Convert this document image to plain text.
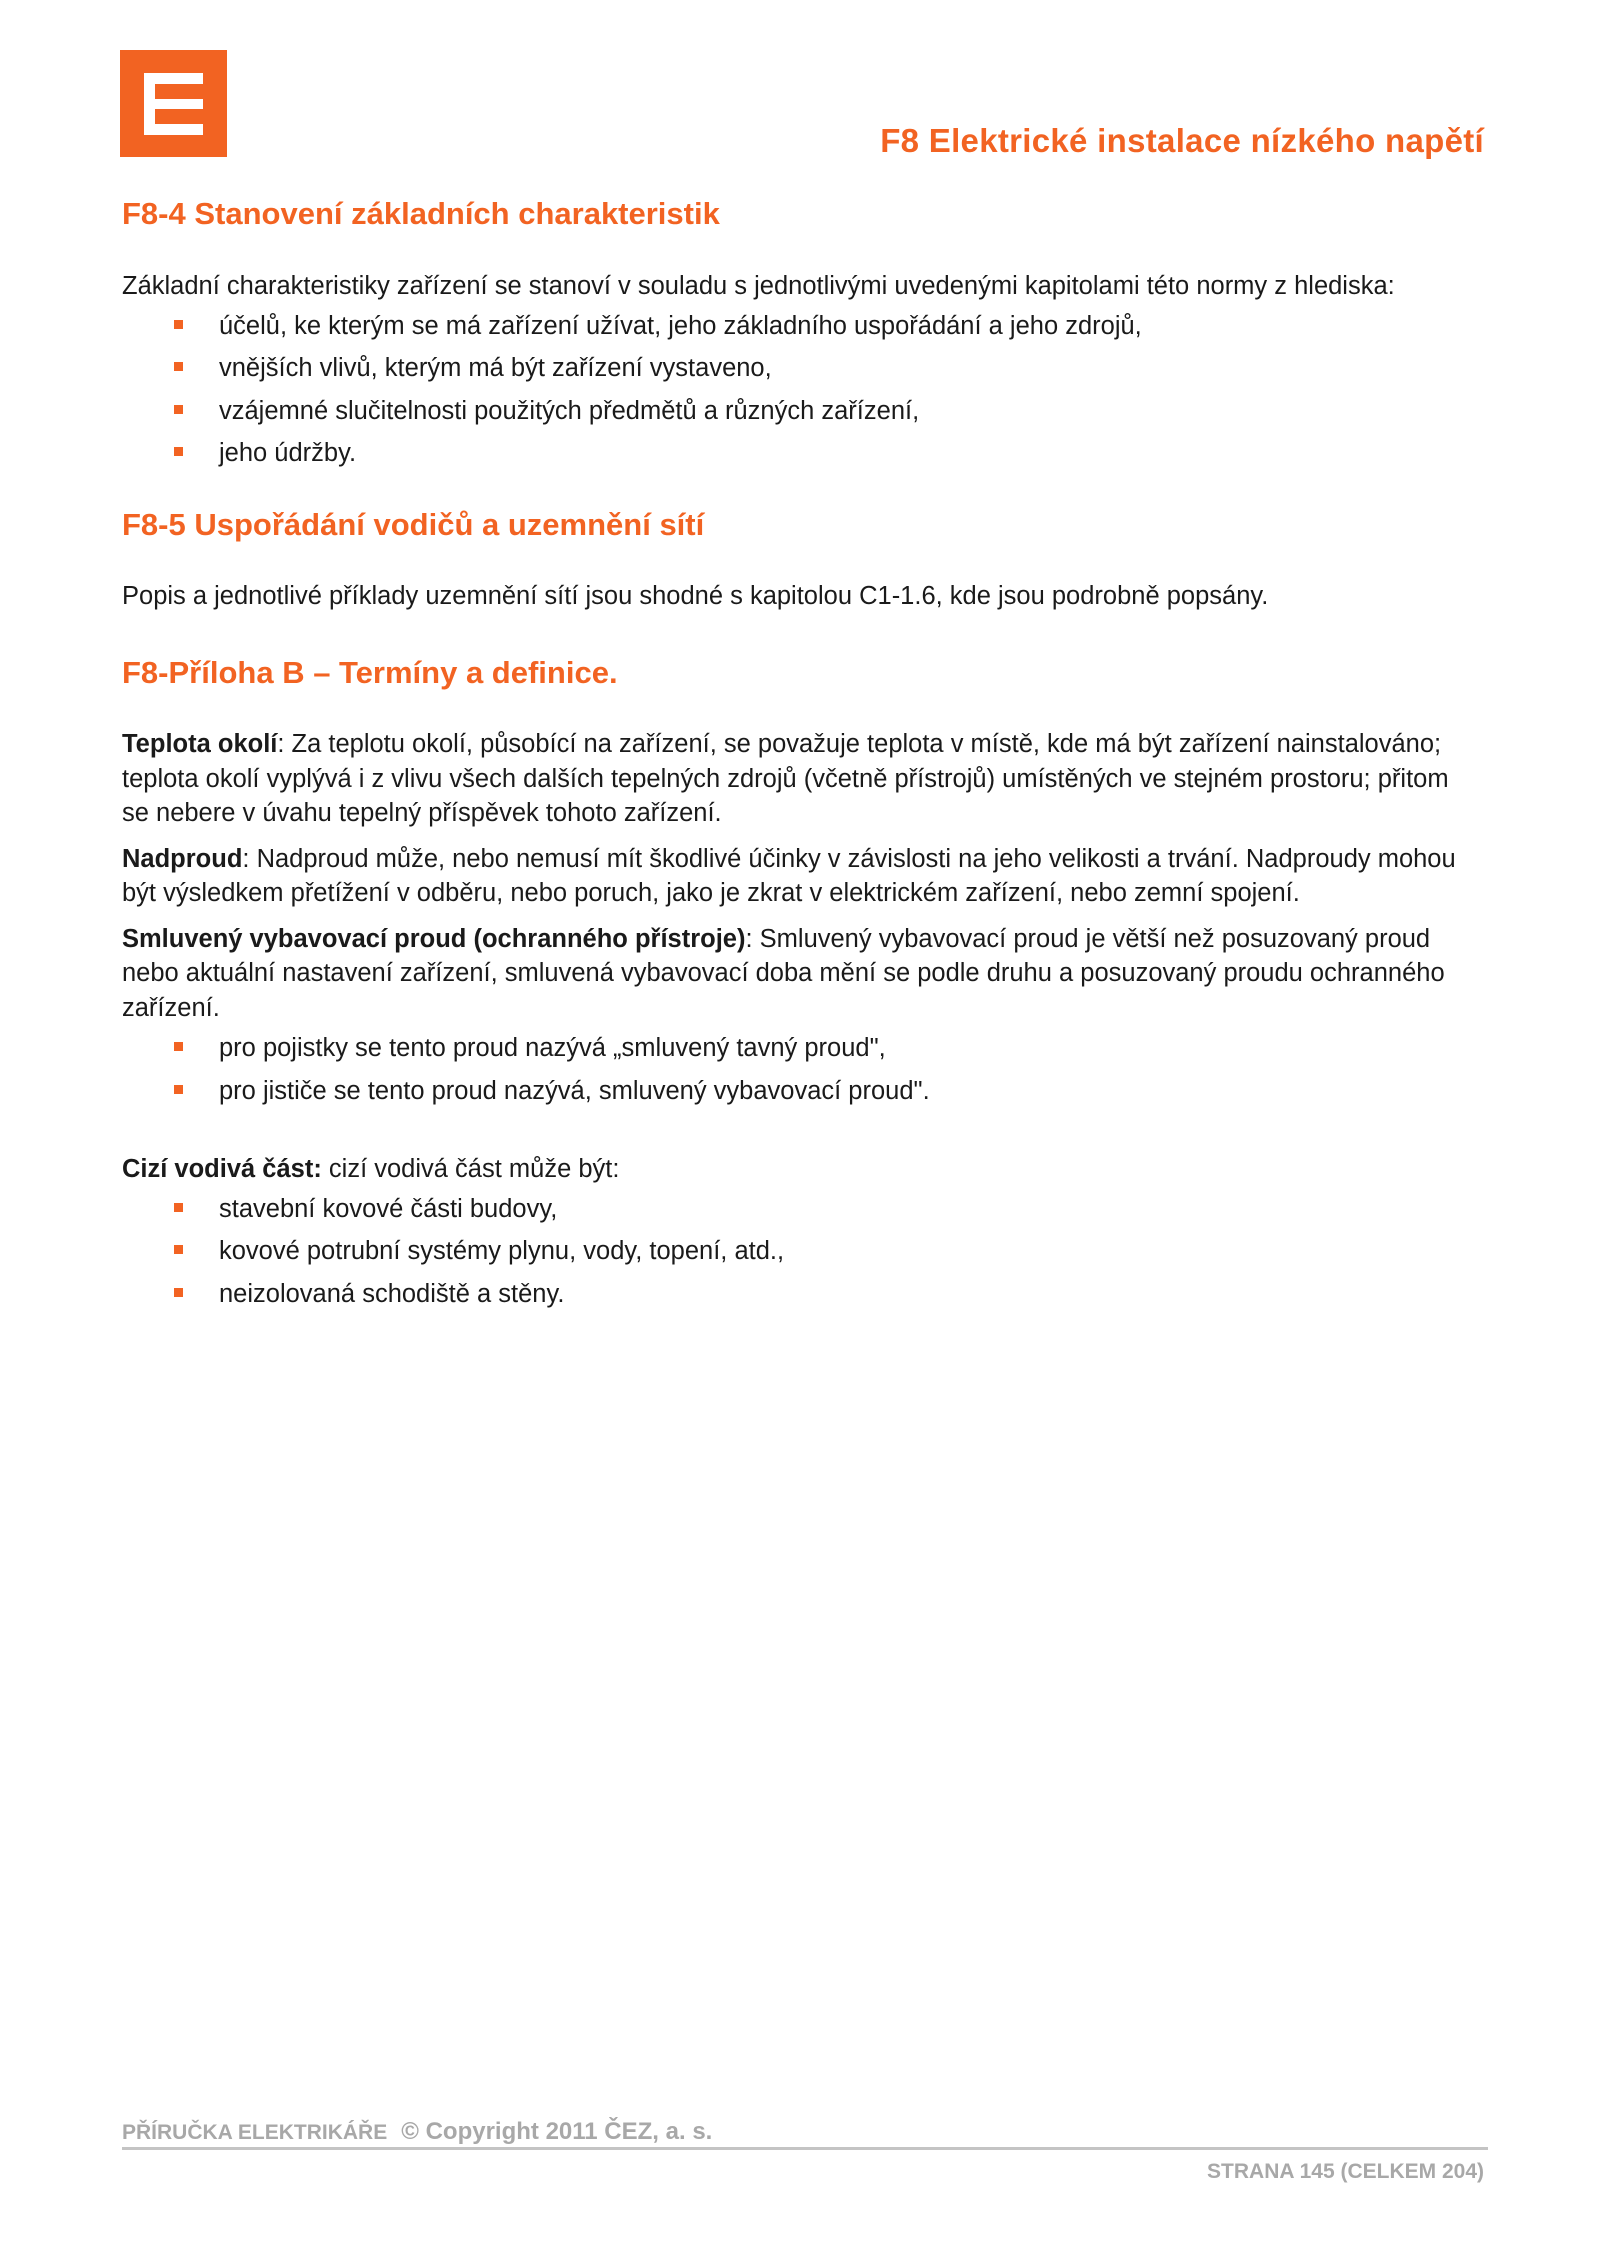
F8 Elektrické instalace nízkého napětí
F8-4 Stanovení základních charakteristik

Základní charakteristiky zařízení se stanoví v souladu s jednotlivými uvedenými kapitolami této normy z hlediska:

účelů, ke kterým se má zařízení užívat, jeho základního uspořádání a jeho zdrojů,
vnějších vlivů, kterým má být zařízení vystaveno,
vzájemné slučitelnosti použitých předmětů a různých zařízení,
jeho údržby.
F8-5 Uspořádání vodičů a uzemnění sítí

Popis a jednotlivé příklady uzemnění sítí jsou shodné s kapitolou C1-1.6, kde jsou podrobně popsány.

F8-Příloha B – Termíny a definice.

Teplota okolí: Za teplotu okolí, působící na zařízení, se považuje teplota v místě, kde má být zařízení nainstalováno; teplota okolí vyplývá i z vlivu všech dalších tepelných zdrojů (včetně přístrojů) umístěných ve stejném prostoru; přitom se nebere v úvahu tepelný příspěvek tohoto zařízení.

Nadproud: Nadproud může, nebo nemusí mít škodlivé účinky v závislosti na jeho velikosti a trvání. Nadproudy mohou být výsledkem přetížení v odběru, nebo poruch, jako je zkrat v elektrickém zařízení, nebo zemní spojení.

Smluvený vybavovací proud (ochranného přístroje): Smluvený vybavovací proud je větší než posuzovaný proud nebo aktuální nastavení zařízení, smluvená vybavovací doba mění se podle druhu a posuzovaný proudu ochranného zařízení.

pro pojistky se tento proud nazývá „smluvený tavný proud",
pro jističe se tento proud nazývá, smluvený vybavovací proud".

Cizí vodivá část: cizí vodivá část může být:

stavební kovové části budovy,
kovové potrubní systémy plynu, vody, topení, atd.,
neizolovaná schodiště a stěny.
PŘÍRUČKA ELEKTRIKÁŘE © Copyright 2011 ČEZ, a. s.
STRANA 145 (CELKEM 204)
